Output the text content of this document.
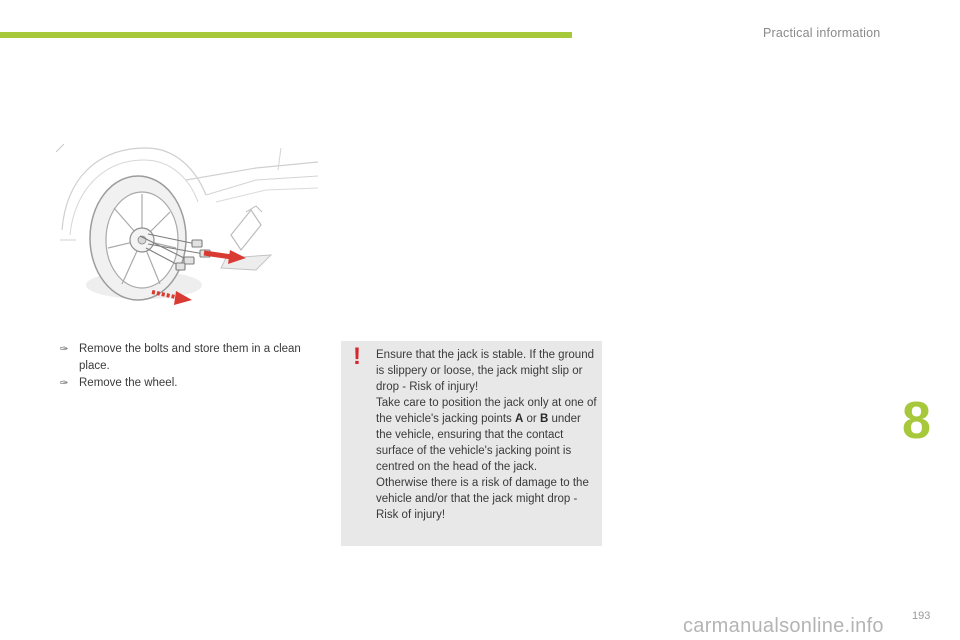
Practical information
✑ Remove the bolts and store them in a clean place.
✑ Remove the wheel.
! Ensure that the jack is stable. If the ground is slippery or loose, the jack might slip or drop - Risk of injury!

Take care to position the jack only at one of the vehicle's jacking points A or B under the vehicle, ensuring that the contact surface of the vehicle's jacking point is centred on the head of the jack.

Otherwise there is a risk of damage to the vehicle and/or that the jack might drop - Risk of injury!

8
193
carmanualsonline.info
